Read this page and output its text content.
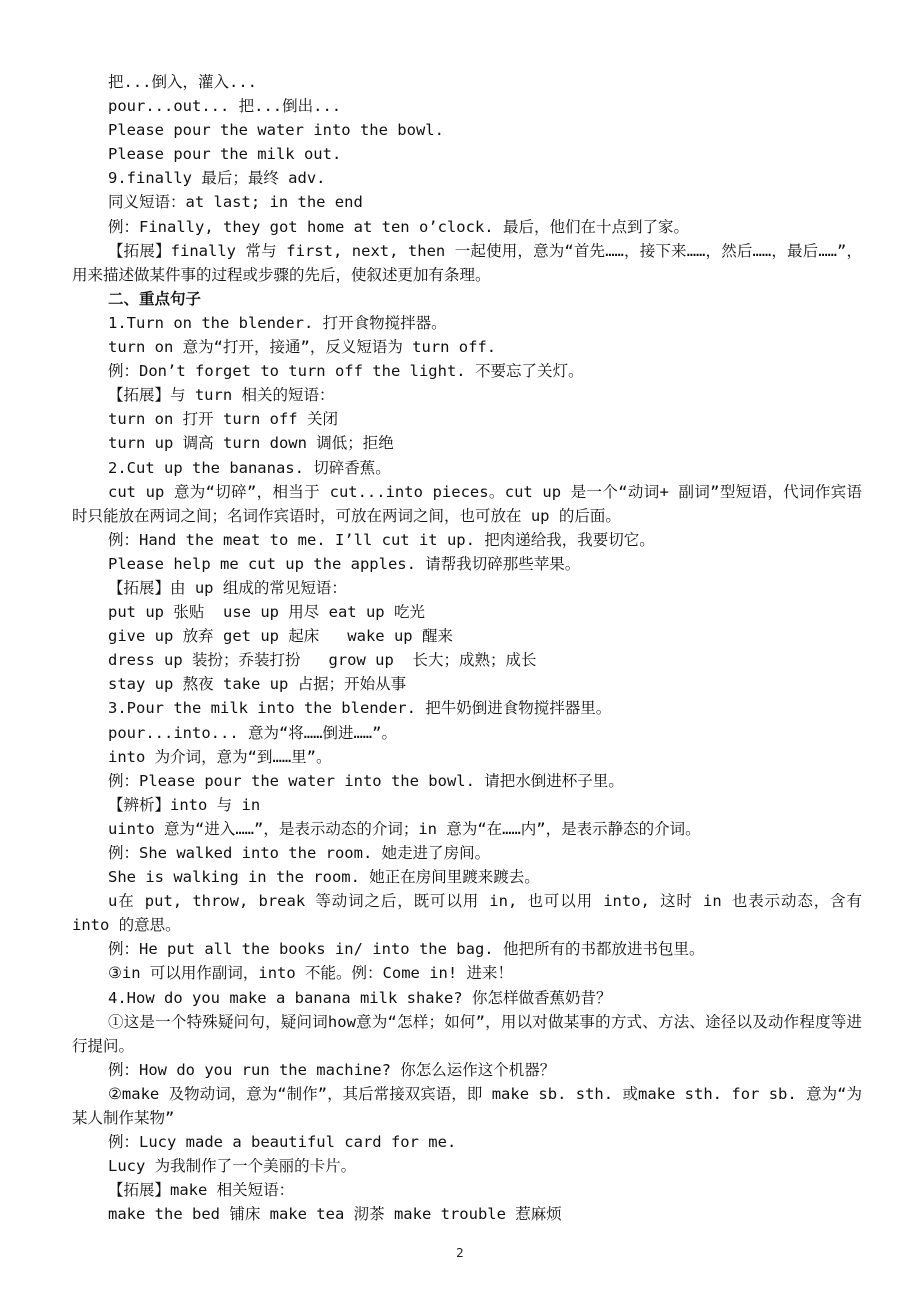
把...倒入，灌入...

pour...out... 把...倒出...

Please pour the water into the bowl.

Please pour the milk out.

9.finally 最后；最终 adv.

同义短语：at last; in the end

例：Finally, they got home at ten o’clock. 最后，他们在十点到了家。

【拓展】finally 常与 first, next, then 一起使用，意为“首先……，接下来……，然后……，最后……”，用来描述做某件事的过程或步骤的先后，使叙述更加有条理。

二、重点句子

1.Turn on the blender. 打开食物搅拌器。

turn on 意为“打开，接通”，反义短语为 turn off.

例：Don’t forget to turn off the light. 不要忘了关灯。

【拓展】与 turn 相关的短语：

turn on 打开 turn off 关闭

turn up 调高 turn down 调低；拒绝

2.Cut up the bananas. 切碎香蕉。

cut up 意为“切碎”，相当于 cut...into pieces。cut up 是一个“动词+ 副词”型短语，代词作宾语时只能放在两词之间；名词作宾语时，可放在两词之间，也可放在 up 的后面。

例：Hand the meat to me. I’ll cut it up. 把肉递给我，我要切它。

Please help me cut up the apples. 请帮我切碎那些苹果。

【拓展】由 up 组成的常见短语：

put up 张贴  use up 用尽 eat up 吃光

give up 放弃 get up 起床   wake up 醒来

dress up 装扮；乔装打扮   grow up  长大；成熟；成长

stay up 熬夜 take up 占据；开始从事

3.Pour the milk into the blender. 把牛奶倒进食物搅拌器里。

pour...into... 意为“将……倒进……”。

into 为介词，意为“到……里”。

例：Please pour the water into the bowl. 请把水倒进杯子里。

【辨析】into 与 in

uinto 意为“进入……”，是表示动态的介词；in 意为“在……内”，是表示静态的介词。

例：She walked into the room. 她走进了房间。

She is walking in the room. 她正在房间里踱来踱去。

u在 put, throw, break 等动词之后，既可以用 in, 也可以用 into, 这时 in 也表示动态，含有 into 的意思。

例：He put all the books in/ into the bag. 他把所有的书都放进书包里。

③in 可以用作副词，into 不能。例：Come in! 进来！

4.How do you make a banana milk shake? 你怎样做香蕉奶昔？

①这是一个特殊疑问句，疑问词how意为“怎样；如何”，用以对做某事的方式、方法、途径以及动作程度等进行提问。

例：How do you run the machine? 你怎么运作这个机器？

②make 及物动词，意为“制作”，其后常接双宾语，即 make sb. sth. 或make sth. for sb. 意为“为某人制作某物”

例：Lucy made a beautiful card for me.

Lucy 为我制作了一个美丽的卡片。

【拓展】make 相关短语：

make the bed 铺床 make tea 沏茶 make trouble 惹麻烦

2
